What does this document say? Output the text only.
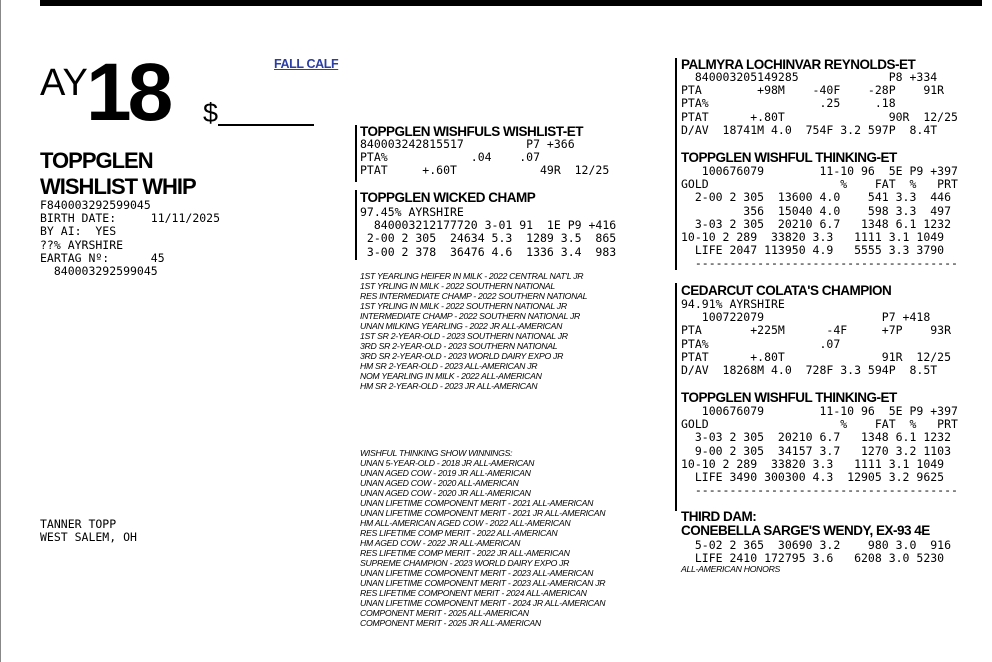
AY
18 $
FALL CALF
TOPPGLEN
WISHLIST WHIP
F840003292599045
BIRTH DATE:     11/11/2025
BY AI:  YES
??% AYRSHIRE
EARTAG Nº:      45
840003292599045
TANNER TOPP
WEST SALEM, OH
TOPPGLEN WISHFULS WISHLIST-ET
840003242815517         P7 +366
PTA%            .04    .07
PTAT     +.60T            49R  12/25
TOPPGLEN WICKED CHAMP
97.45% AYRSHIRE
840003212177720 3-01 91  1E P9 +416
2-00 2 305  24634 5.3  1289 3.5  865
3-00 2 378  36476 4.6  1336 3.4  983
1ST YEARLING HEIFER IN MILK - 2022 CENTRAL NAT'L JR
1ST YRLING IN MILK - 2022 SOUTHERN NATIONAL
RES INTERMEDIATE CHAMP - 2022 SOUTHERN NATIONAL
1ST YRLING IN MILK - 2022 SOUTHERN NATIONAL JR
INTERMEDIATE CHAMP - 2022 SOUTHERN NATIONAL JR
UNAN MILKING YEARLING - 2022 JR ALL-AMERICAN
1ST SR 2-YEAR-OLD - 2023 SOUTHERN NATIONAL JR
3RD SR 2-YEAR-OLD - 2023 SOUTHERN NATIONAL
3RD SR 2-YEAR-OLD - 2023 WORLD DAIRY EXPO JR
HM SR 2-YEAR-OLD - 2023 ALL-AMERICAN JR
NOM YEARLING IN MILK - 2022 ALL-AMERICAN
HM SR 2-YEAR-OLD - 2023 JR ALL-AMERICAN
WISHFUL THINKING SHOW WINNINGS:
UNAN 5-YEAR-OLD - 2018 JR ALL-AMERICAN
UNAN AGED COW - 2019 JR ALL-AMERICAN
UNAN AGED COW - 2020 ALL-AMERICAN
UNAN AGED COW - 2020 JR ALL-AMERICAN
UNAN LIFETIME COMPONENT MERIT - 2021 ALL-AMERICAN
UNAN LIFETIME COMPONENT MERIT - 2021 JR ALL-AMERICAN
HM ALL-AMERICAN AGED COW - 2022 ALL-AMERICAN
RES LIFETIME COMP MERIT - 2022 ALL-AMERICAN
HM AGED COW - 2022 JR ALL-AMERICAN
RES LIFETIME COMP MERIT - 2022 JR ALL-AMERICAN
SUPREME CHAMPION - 2023 WORLD DAIRY EXPO JR
UNAN LIFETIME COMPONENT MERIT - 2023 ALL-AMERICAN
UNAN LIFETIME COMPONENT MERIT - 2023 ALL-AMERICAN JR
RES LIFETIME COMPONENT MERIT - 2024 ALL-AMERICAN
UNAN LIFETIME COMPONENT MERIT - 2024 JR ALL-AMERICAN
COMPONENT MERIT - 2025 ALL-AMERICAN
COMPONENT MERIT - 2025 JR ALL-AMERICAN
PALMYRA LOCHINVAR REYNOLDS-ET
840003205149285             P8 +334
PTA        +98M    -40F    -28P    91R
PTA%                .25     .18
PTAT      +.80T               90R  12/25
D/AV  18741M 4.0  754F 3.2 597P  8.4T
TOPPGLEN WISHFUL THINKING-ET
100676079        11-10 96  5E P9 +397
GOLD                   %    FAT  %   PRT
2-00 2 305  13600 4.0    541 3.3  446
356  15040 4.0    598 3.3  497
3-03 2 305  20210 6.7   1348 6.1 1232
10-10 2 289  33820 3.3   1111 3.1 1049
LIFE 2047 113950 4.9   5555 3.3 3790
--------------------------------------
CEDARCUT COLATA'S CHAMPION
94.91% AYRSHIRE
100722079                 P7 +418
PTA       +225M      -4F     +7P    93R
PTA%                .07
PTAT      +.80T              91R  12/25
D/AV  18268M 4.0  728F 3.3 594P  8.5T
TOPPGLEN WISHFUL THINKING-ET
100676079        11-10 96  5E P9 +397
GOLD                   %    FAT  %   PRT
3-03 2 305  20210 6.7   1348 6.1 1232
9-00 2 305  34157 3.7   1270 3.2 1103
10-10 2 289  33820 3.3   1111 3.1 1049
LIFE 3490 300300 4.3  12905 3.2 9625
--------------------------------------
THIRD DAM:
CONEBELLA SARGE'S WENDY, EX-93 4E
5-02 2 365  30690 3.2    980 3.0  916
LIFE 2410 172795 3.6   6208 3.0 5230
ALL-AMERICAN HONORS
